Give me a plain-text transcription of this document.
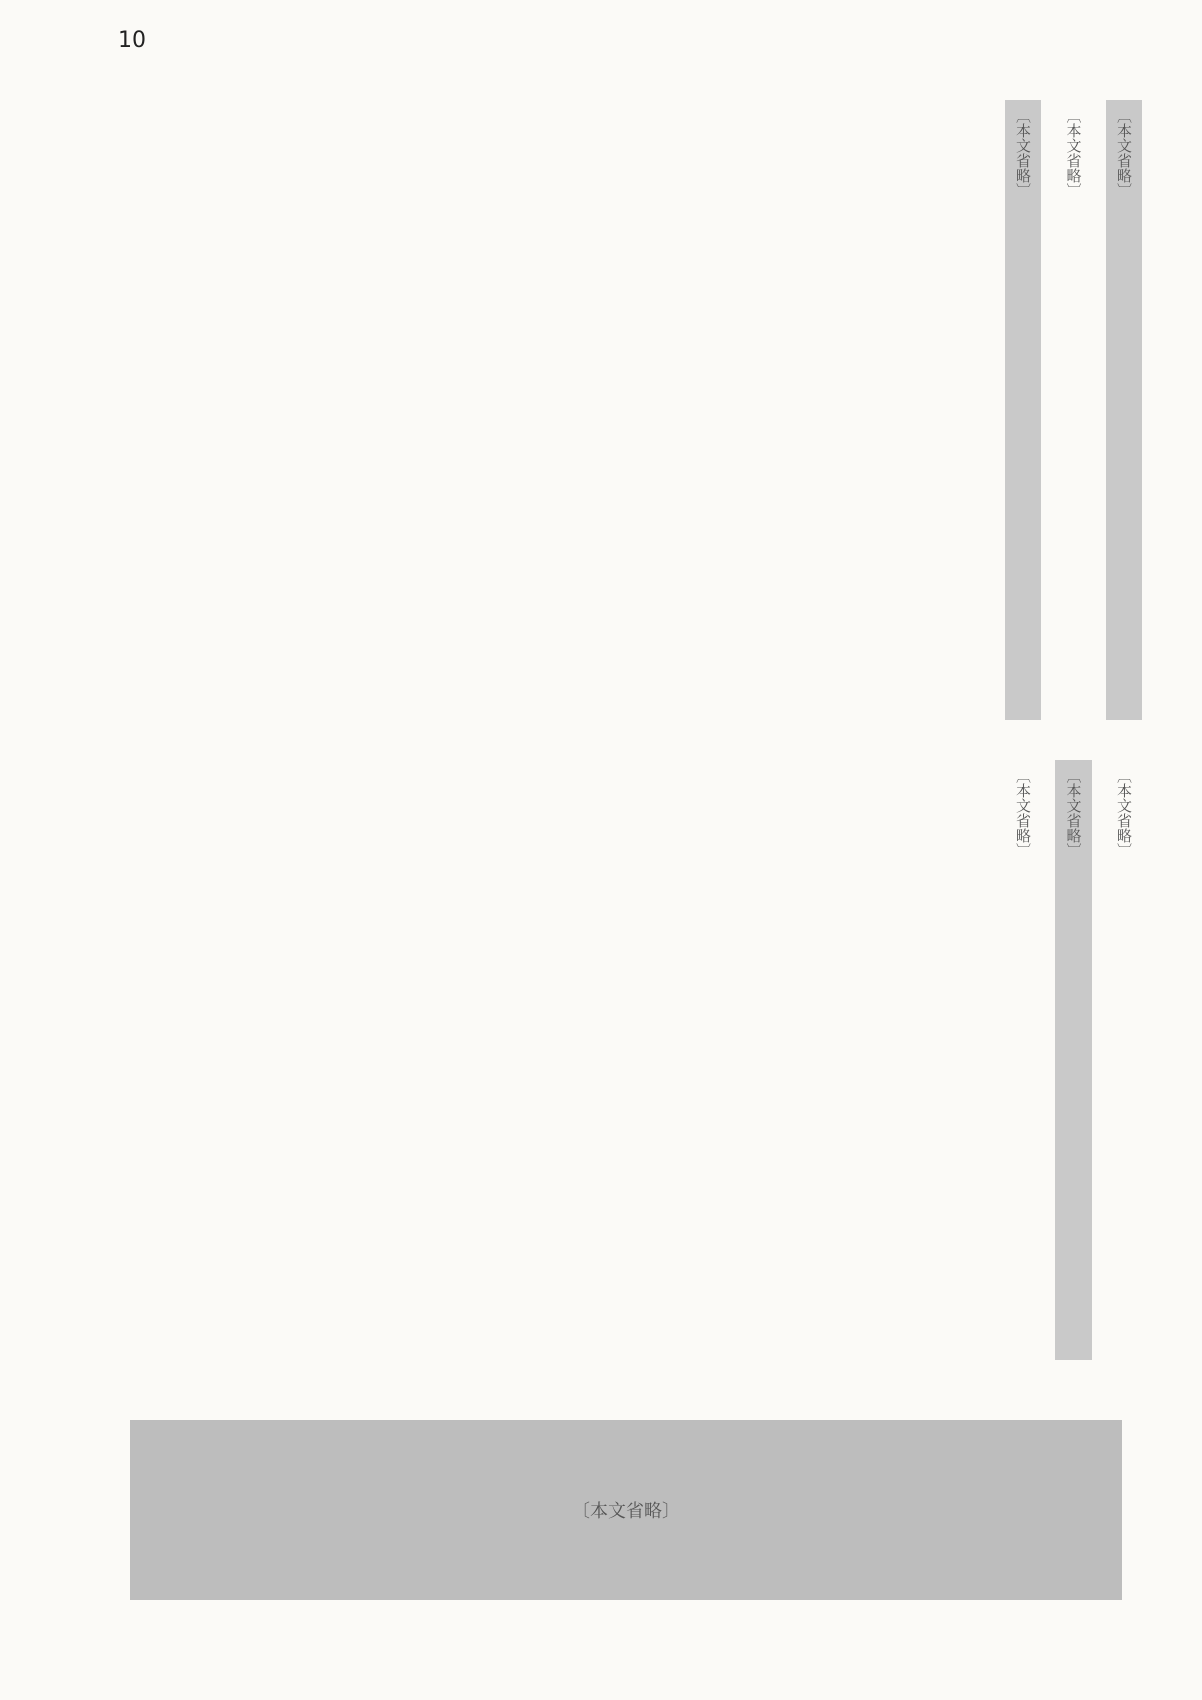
10
〔本文省略〕
〔本文省略〕
〔本文省略〕
〔本文省略〕
〔本文省略〕
〔本文省略〕
〔本文省略〕
